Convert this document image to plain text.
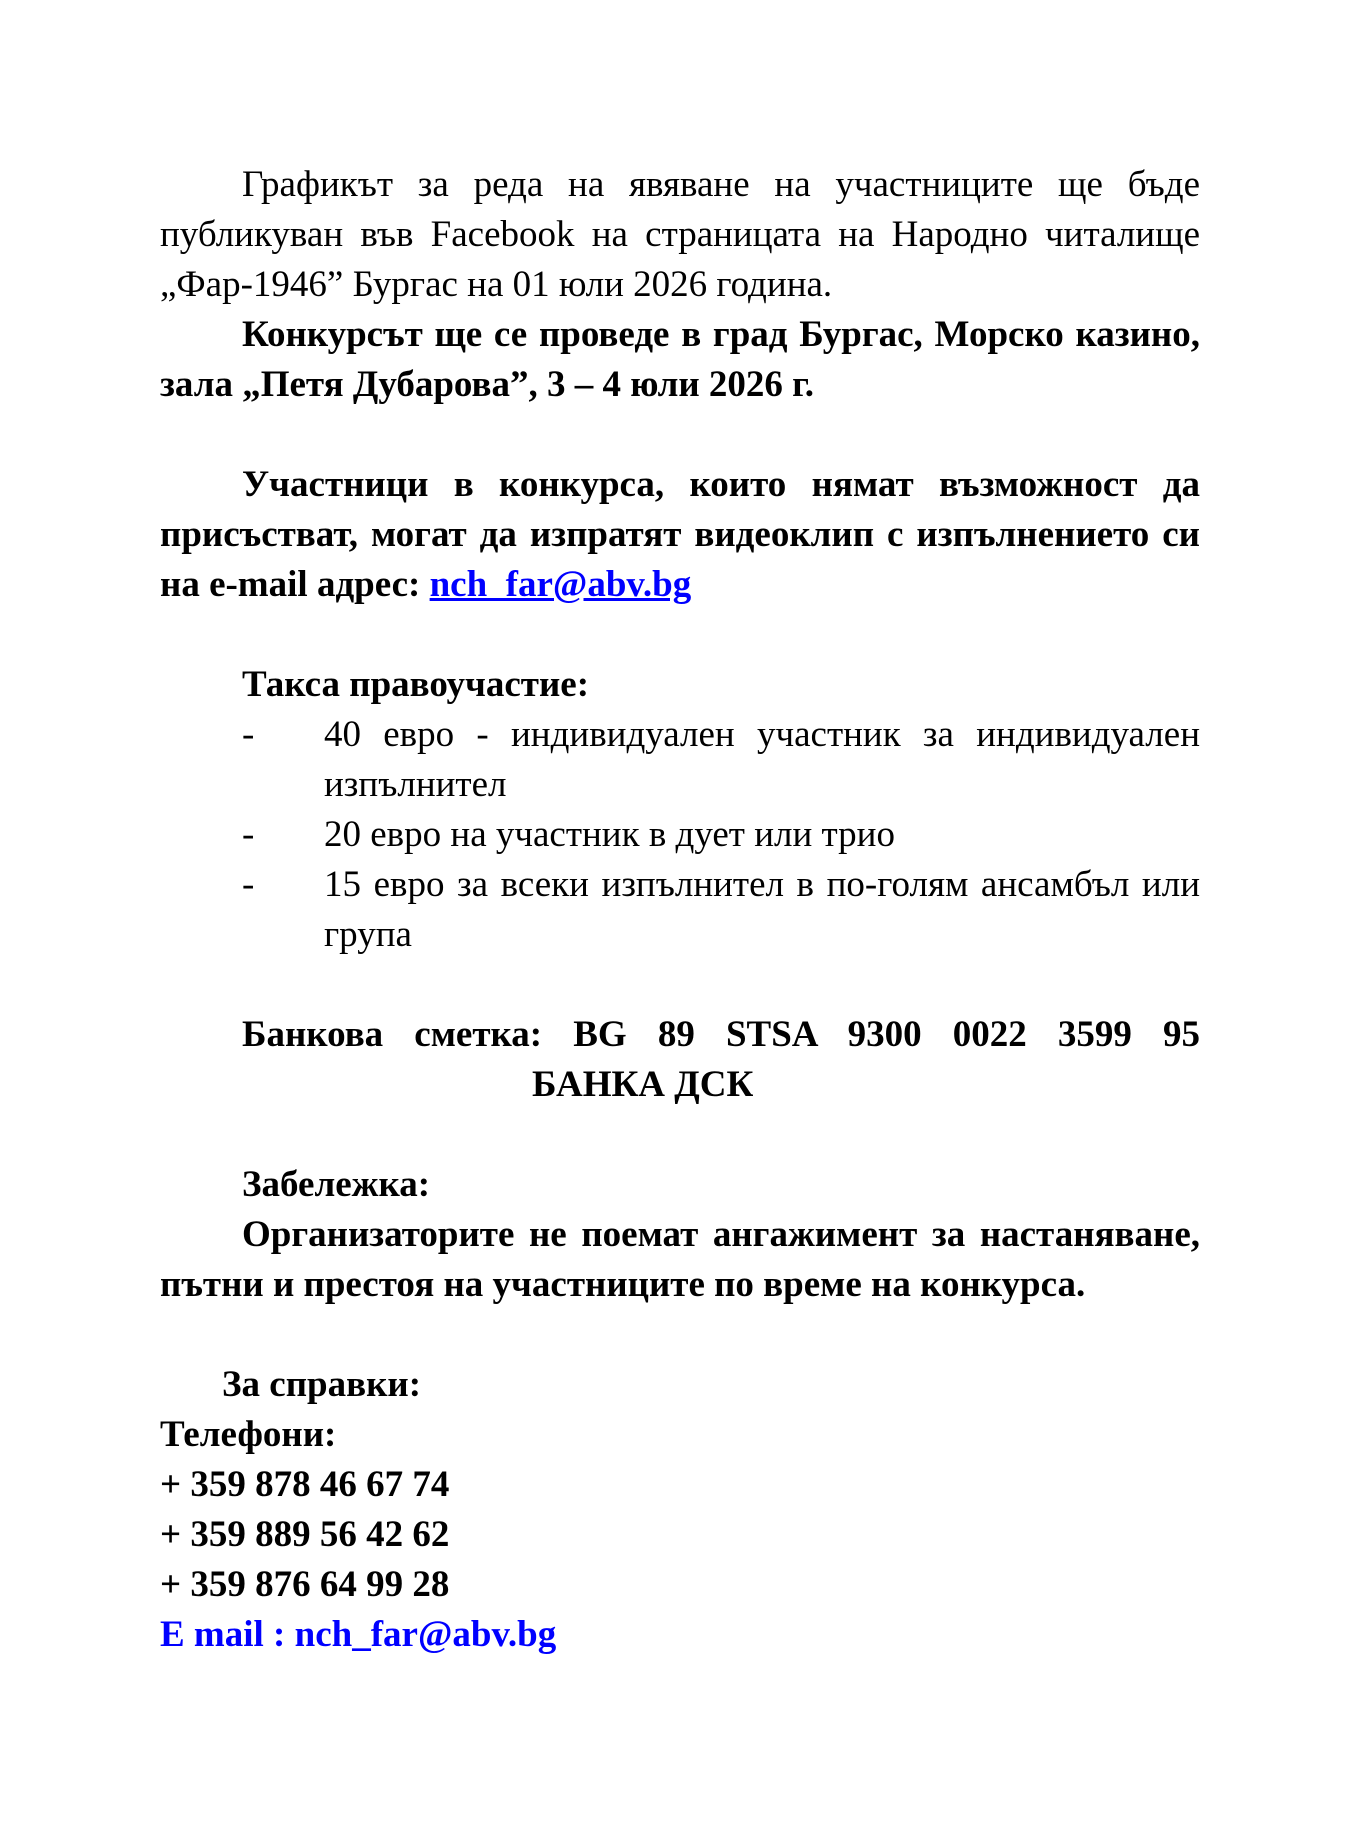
Графикът за реда на явяване на участниците ще бъде публикуван във Facebook на страницата на Народно читалище „Фар-1946” Бургас на 01 юли 2026 година.

Конкурсът ще се проведе в град Бургас, Морско казино, зала „Петя Дубарова”, 3 – 4 юли 2026 г.

Участници в конкурса, които нямат възможност да присъстват, могат да изпратят видеоклип с изпълнението си на e-mail адрес: nch_far@abv.bg

Такса правоучастие:
-	40 евро - индивидуален участник за индивидуален изпълнител
-	20 евро на участник в дует или трио
-	15 евро за всеки изпълнител в по-голям ансамбъл или група
Банкова сметка: BG 89 STSA 9300 0022 3599 95
БАНКА ДСК
Забележка:

Организаторите не поемат ангажимент за настаняване, пътни и престоя на участниците по време на конкурса.

За справки:
Телефони:
+ 359 878 46 67 74
+ 359 889 56 42 62
+ 359 876 64 99 28
E mail : nch_far@abv.bg
